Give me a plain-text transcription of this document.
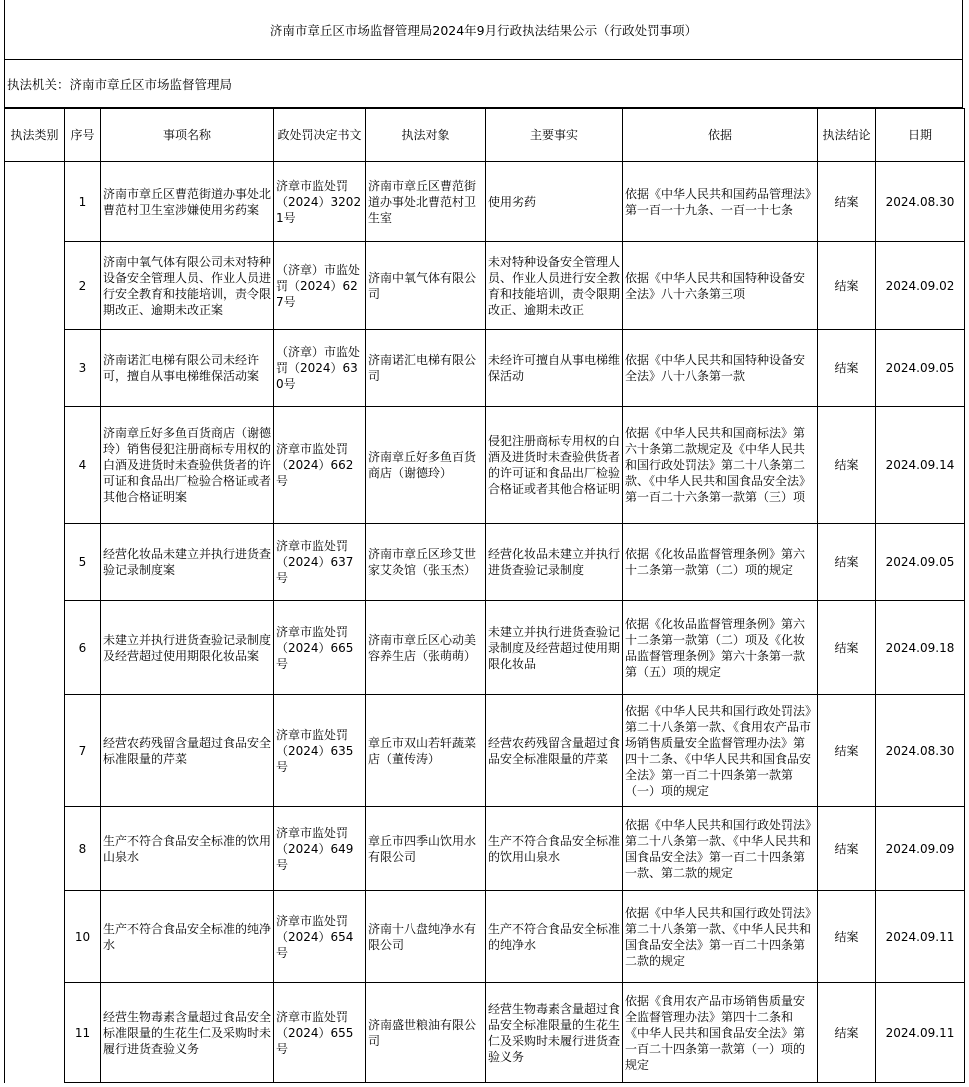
济南市章丘区市场监督管理局2024年9月行政执法结果公示（行政处罚事项）
执法机关：济南市章丘区市场监督管理局
执法类别	序号	事项名称	政处罚决定书文	执法对象	主要事实	依据	执法结论	日期
	1	济南市章丘区曹范街道办事处北曹范村卫生室涉嫌使用劣药案	济章市监处罚（2024）32021号	济南市章丘区曹范街道办事处北曹范村卫生室	使用劣药	依据《中华人民共和国药品管理法》第一百一十九条、一百一十七条	结案	2024.08.30
	2	济南中氧气体有限公司未对特种设备安全管理人员、作业人员进行安全教育和技能培训，责令限期改正、逾期未改正案	（济章）市监处罚（2024）627号	济南中氧气体有限公司	未对特种设备安全管理人员、作业人员进行安全教育和技能培训，责令限期改正、逾期未改正	依据《中华人民共和国特种设备安全法》八十六条第三项	结案	2024.09.02
	3	济南诺汇电梯有限公司未经许可，擅自从事电梯维保活动案	（济章）市监处罚（2024）630号	济南诺汇电梯有限公司	未经许可擅自从事电梯维保活动	依据《中华人民共和国特种设备安全法》八十八条第一款	结案	2024.09.05
	4	济南章丘好多鱼百货商店（谢德玲）销售侵犯注册商标专用权的白酒及进货时未查验供货者的许可证和食品出厂检验合格证或者其他合格证明案	济章市监处罚（2024）662号	济南章丘好多鱼百货商店（谢德玲）	侵犯注册商标专用权的白酒及进货时未查验供货者的许可证和食品出厂检验合格证或者其他合格证明	依据《中华人民共和国商标法》第六十条第二款规定及《中华人民共和国行政处罚法》第二十八条第二款、《中华人民共和国食品安全法》第一百二十六条第一款第（三）项	结案	2024.09.14
	5	经营化妆品未建立并执行进货查验记录制度案	济章市监处罚（2024）637号	济南市章丘区珍艾世家艾灸馆（张玉杰）	经营化妆品未建立并执行进货查验记录制度	依据《化妆品监督管理条例》第六十二条第一款第（二）项的规定	结案	2024.09.05
	6	未建立并执行进货查验记录制度及经营超过使用期限化妆品案	济章市监处罚（2024）665号	济南市章丘区心动美容养生店（张萌萌）	未建立并执行进货查验记录制度及经营超过使用期限化妆品	依据《化妆品监督管理条例》第六十二条第一款第（二）项及《化妆品监督管理条例》第六十条第一款第（五）项的规定	结案	2024.09.18
	7	经营农药残留含量超过食品安全标准限量的芹菜	济章市监处罚（2024）635号	章丘市双山若轩蔬菜店（董传涛）	经营农药残留含量超过食品安全标准限量的芹菜	依据《中华人民共和国行政处罚法》第二十八条第一款、《食用农产品市场销售质量安全监督管理办法》第四十二条、《中华人民共和国食品安全法》第一百二十四条第一款第（一）项的规定	结案	2024.08.30
	8	生产不符合食品安全标准的饮用山泉水	济章市监处罚（2024）649号	章丘市四季山饮用水有限公司	生产不符合食品安全标准的饮用山泉水	依据《中华人民共和国行政处罚法》第二十八条第一款、《中华人民共和国食品安全法》第一百二十四条第一款、第二款的规定	结案	2024.09.09
	10	生产不符合食品安全标准的纯净水	济章市监处罚（2024）654号	济南十八盘纯净水有限公司	生产不符合食品安全标准的纯净水	依据《中华人民共和国行政处罚法》第二十八条第一款、《中华人民共和国食品安全法》第一百二十四条第二款的规定	结案	2024.09.11
	11	经营生物毒素含量超过食品安全标准限量的生花生仁及采购时未履行进货查验义务	济章市监处罚（2024）655号	济南盛世粮油有限公司	经营生物毒素含量超过食品安全标准限量的生花生仁及采购时未履行进货查验义务	依据《食用农产品市场销售质量安全监督管理办法》第四十二条和《中华人民共和国食品安全法》第一百二十四条第一款第（一）项的规定	结案	2024.09.11
